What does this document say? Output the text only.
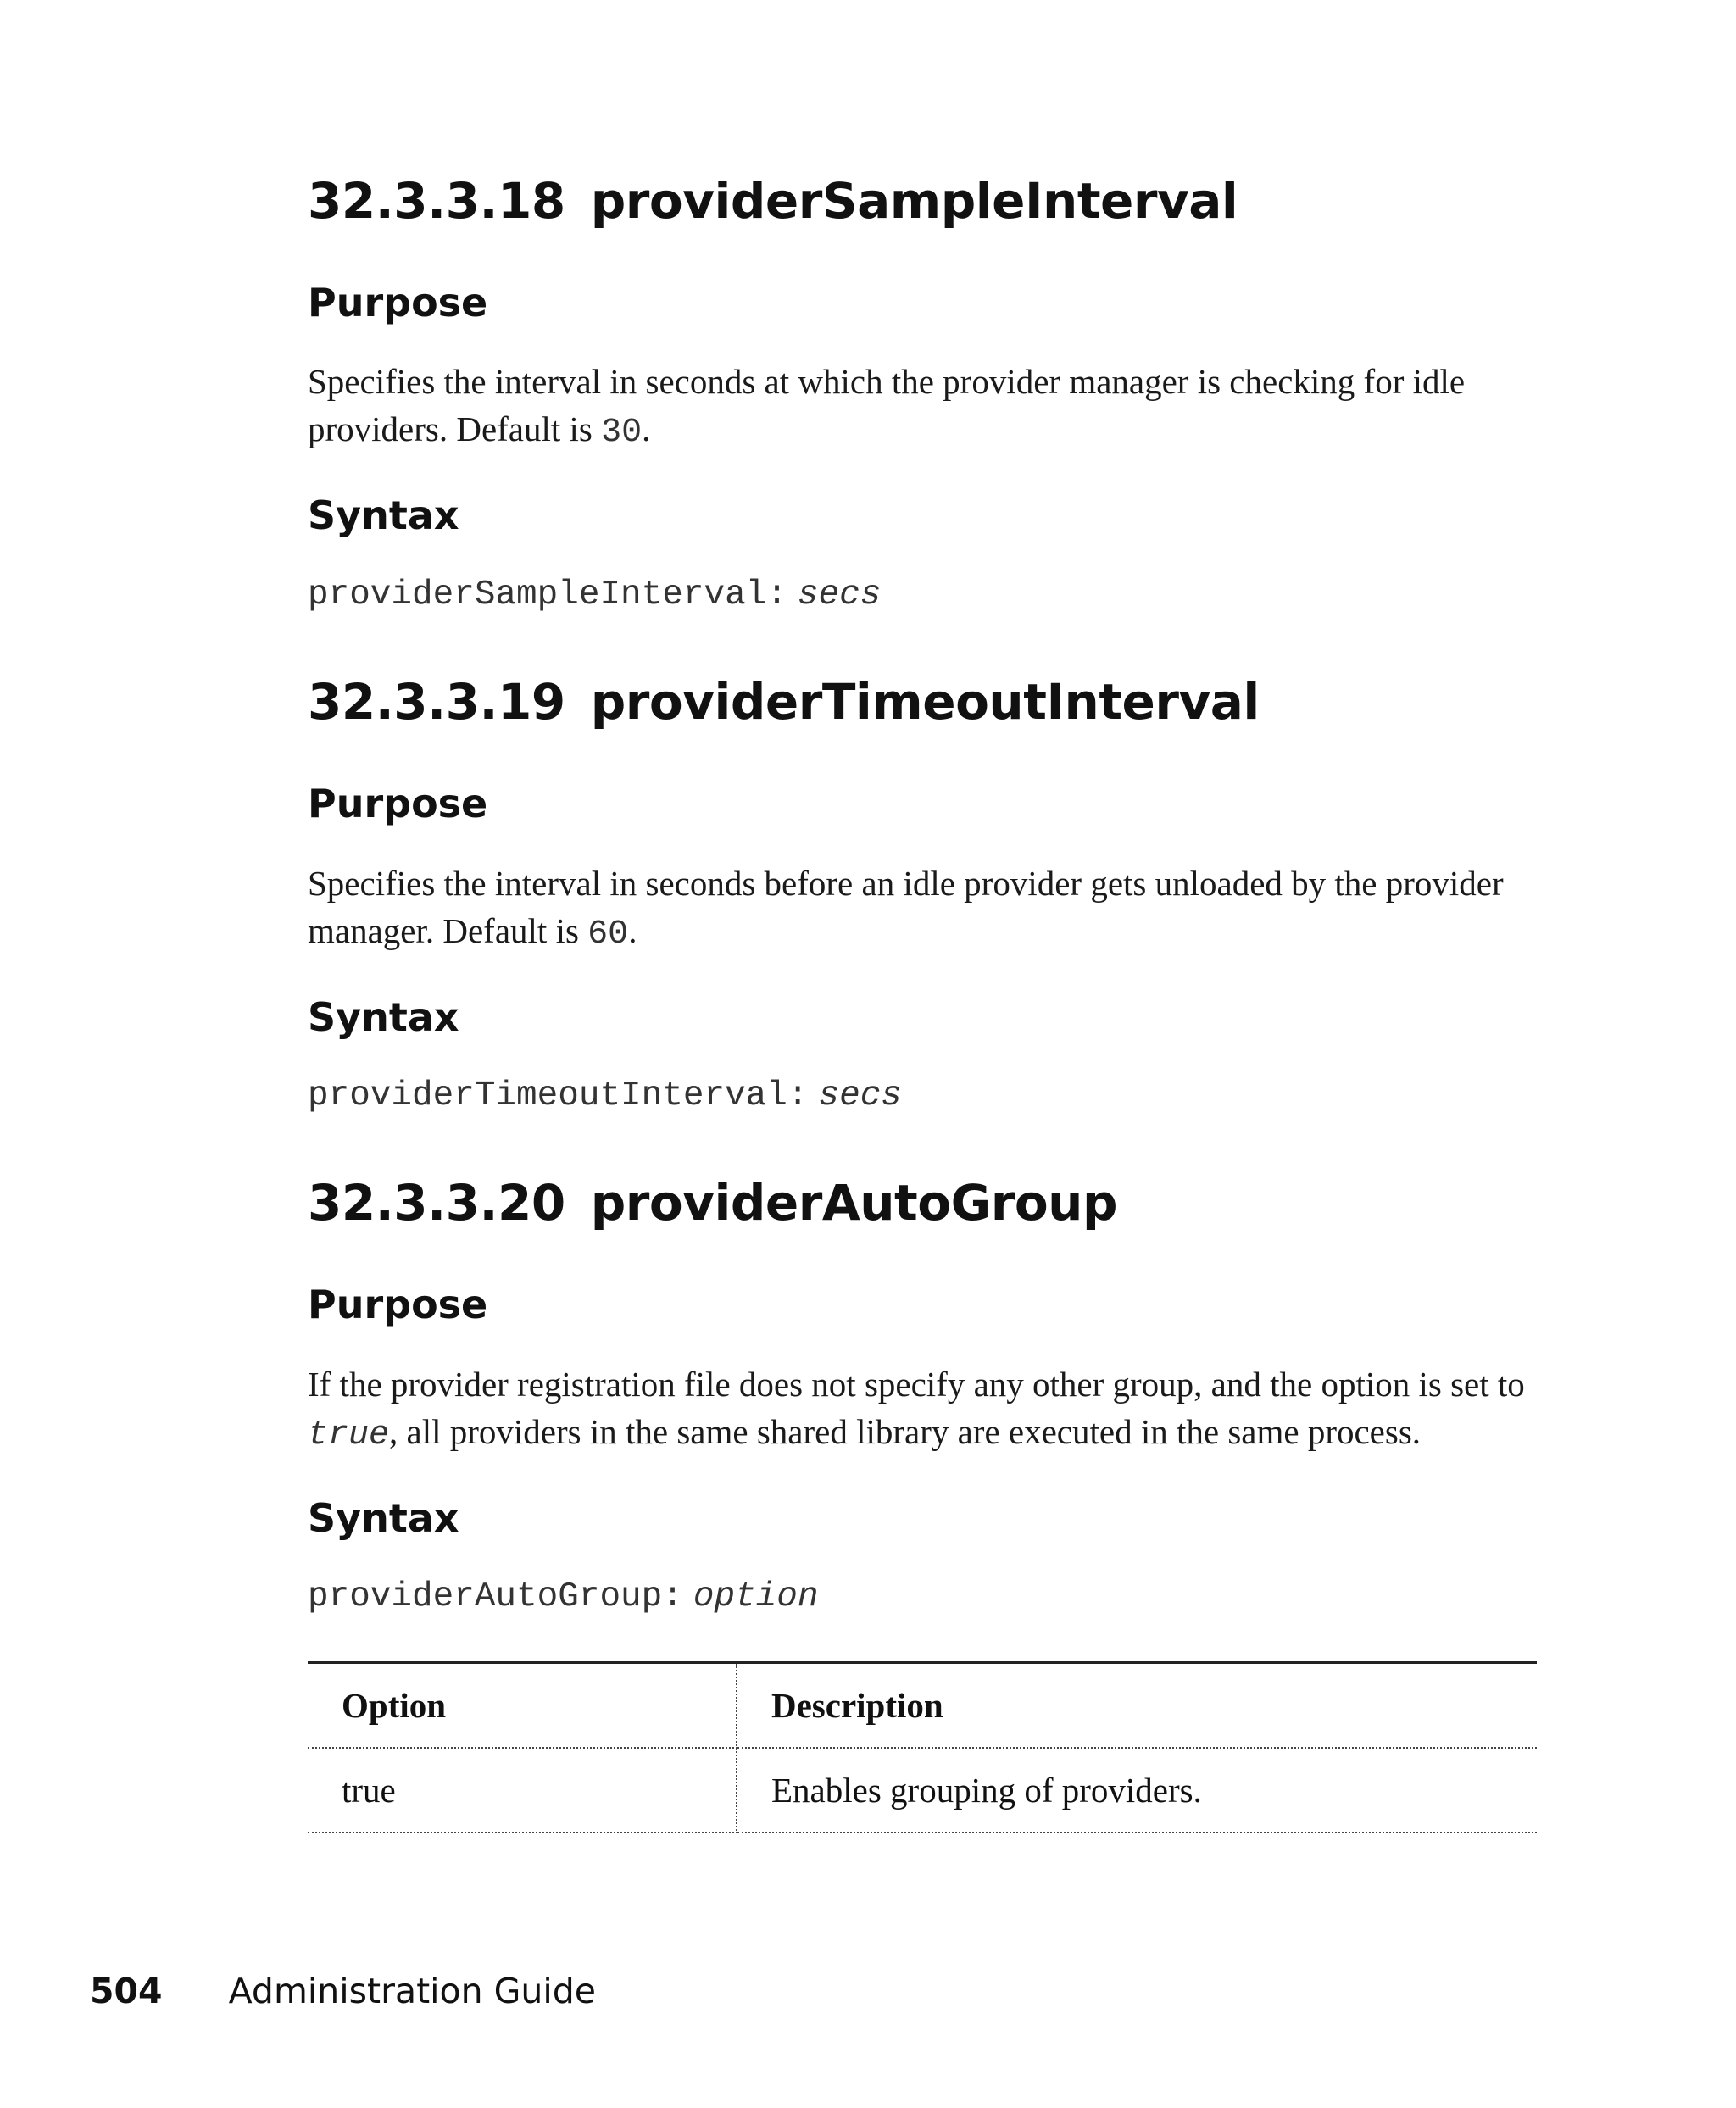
32.3.3.18 providerSampleInterval
Purpose

Specifies the interval in seconds at which the provider manager is checking for idle providers. Default is 30.

Syntax

providerSampleInterval: secs

32.3.3.19 providerTimeoutInterval
Purpose

Specifies the interval in seconds before an idle provider gets unloaded by the provider manager. Default is 60.

Syntax

providerTimeoutInterval: secs

32.3.3.20 providerAutoGroup
Purpose

If the provider registration file does not specify any other group, and the option is set to true, all providers in the same shared library are executed in the same process.

Syntax

providerAutoGroup: option

Option	Description
true	Enables grouping of providers.
504 Administration Guide
